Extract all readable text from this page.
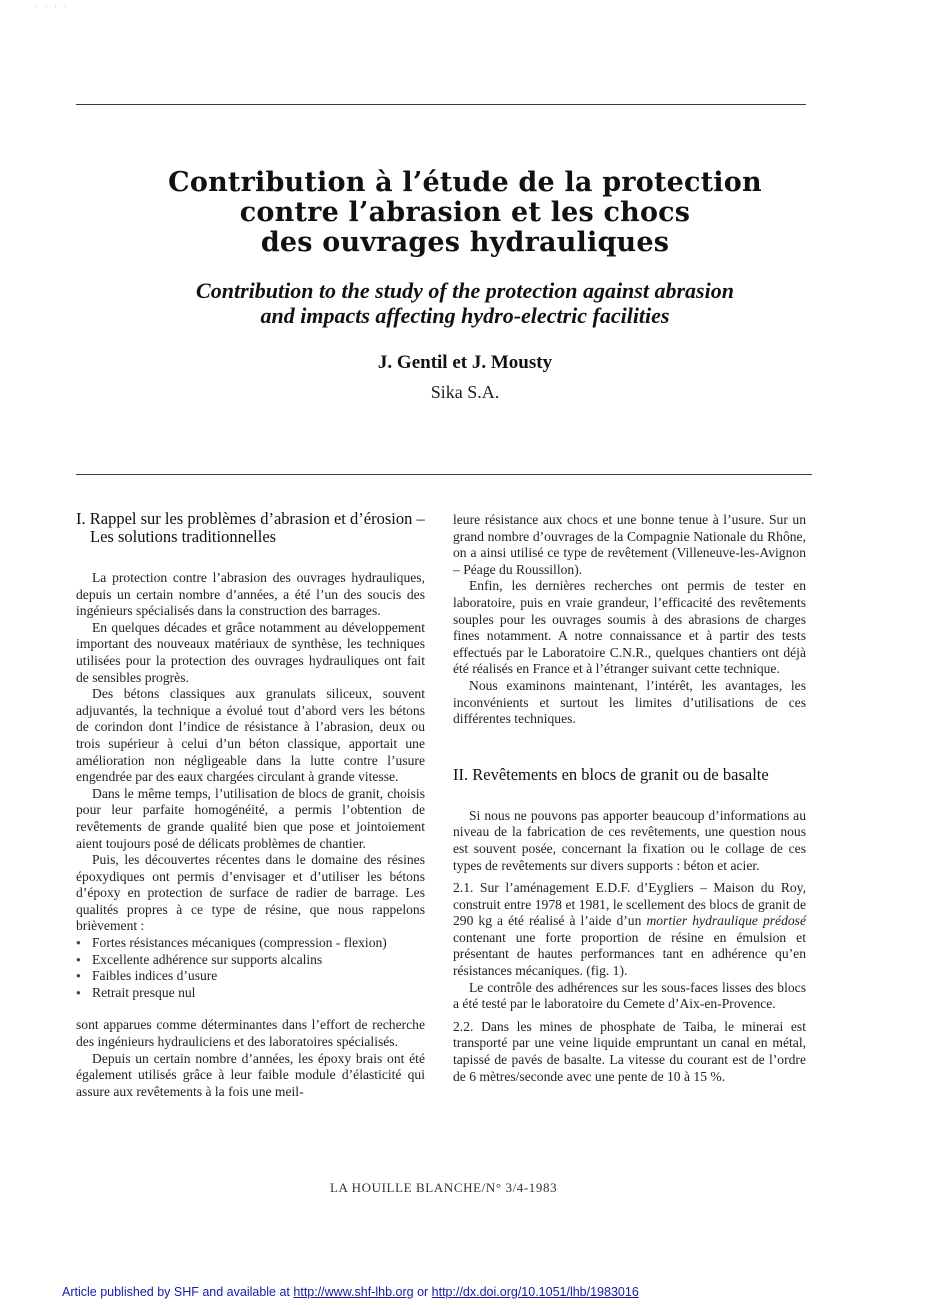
· · · ·
Contribution à l’étude de la protection
contre l’abrasion et les chocs
des ouvrages hydrauliques
Contribution to the study of the protection against abrasion
and impacts affecting hydro-electric facilities
J. Gentil et J. Mousty
Sika S.A.
I. Rappel sur les problèmes d’abrasion et d’érosion – Les solutions traditionnelles

La protection contre l’abrasion des ouvrages hydrauliques, depuis un certain nombre d’années, a été l’un des soucis des ingénieurs spécialisés dans la construction des barrages.

En quelques décades et grâce notamment au développement important des nouveaux matériaux de synthèse, les techniques utilisées pour la protection des ouvrages hydrauliques ont fait de sensibles progrès.

Des bétons classiques aux granulats siliceux, souvent adjuvantés, la technique a évolué tout d’abord vers les bétons de corindon dont l’indice de résistance à l’abrasion, deux ou trois supérieur à celui d’un béton classique, apportait une amélioration non négligeable dans la lutte contre l’usure engendrée par des eaux chargées circulant à grande vitesse.

Dans le même temps, l’utilisation de blocs de granit, choisis pour leur parfaite homogénéité, a permis l’obtention de revêtements de grande qualité bien que pose et jointoiement aient toujours posé de délicats problèmes de chantier.

Puis, les découvertes récentes dans le domaine des résines époxydiques ont permis d’envisager et d’utiliser les bétons d’époxy en protection de surface de radier de barrage. Les qualités propres à ce type de résine, que nous rappelons brièvement :

● Fortes résistances mécaniques (compression - flexion)
● Excellente adhérence sur supports alcalins
● Faibles indices d’usure
● Retrait presque nul

sont apparues comme déterminantes dans l’effort de recherche des ingénieurs hydrauliciens et des laboratoires spécialisés.

Depuis un certain nombre d’années, les époxy brais ont été également utilisés grâce à leur faible module d’élasticité qui assure aux revêtements à la fois une meil-

leure résistance aux chocs et une bonne tenue à l’usure. Sur un grand nombre d’ouvrages de la Compagnie Nationale du Rhône, on a ainsi utilisé ce type de revêtement (Villeneuve-les-Avignon – Péage du Roussillon).

Enfin, les dernières recherches ont permis de tester en laboratoire, puis en vraie grandeur, l’efficacité des revêtements souples pour les ouvrages soumis à des abrasions de charges fines notamment. A notre connaissance et à partir des tests effectués par le Laboratoire C.N.R., quelques chantiers ont déjà été réalisés en France et à l’étranger suivant cette technique.

Nous examinons maintenant, l’intérêt, les avantages, les inconvénients et surtout les limites d’utilisations de ces différentes techniques.

II. Revêtements en blocs de granit ou de basalte

Si nous ne pouvons pas apporter beaucoup d’informations au niveau de la fabrication de ces revêtements, une question nous est souvent posée, concernant la fixation ou le collage de ces types de revêtements sur divers supports : béton et acier.

2.1. Sur l’aménagement E.D.F. d’Eygliers – Maison du Roy, construit entre 1978 et 1981, le scellement des blocs de granit de 290 kg a été réalisé à l’aide d’un mortier hydraulique prédosé contenant une forte proportion de résine en émulsion et présentant de hautes performances tant en adhérence qu’en résistances mécaniques. (fig. 1).

Le contrôle des adhérences sur les sous-faces lisses des blocs a été testé par le laboratoire du Cemete d’Aix-en-Provence.

2.2. Dans les mines de phosphate de Taiba, le minerai est transporté par une veine liquide empruntant un canal en métal, tapissé de pavés de basalte. La vitesse du courant est de l’ordre de 6 mètres/seconde avec une pente de 10 à 15 %.

LA HOUILLE BLANCHE/N° 3/4-1983
Article published by SHF and available at http://www.shf-lhb.org or http://dx.doi.org/10.1051/lhb/1983016
